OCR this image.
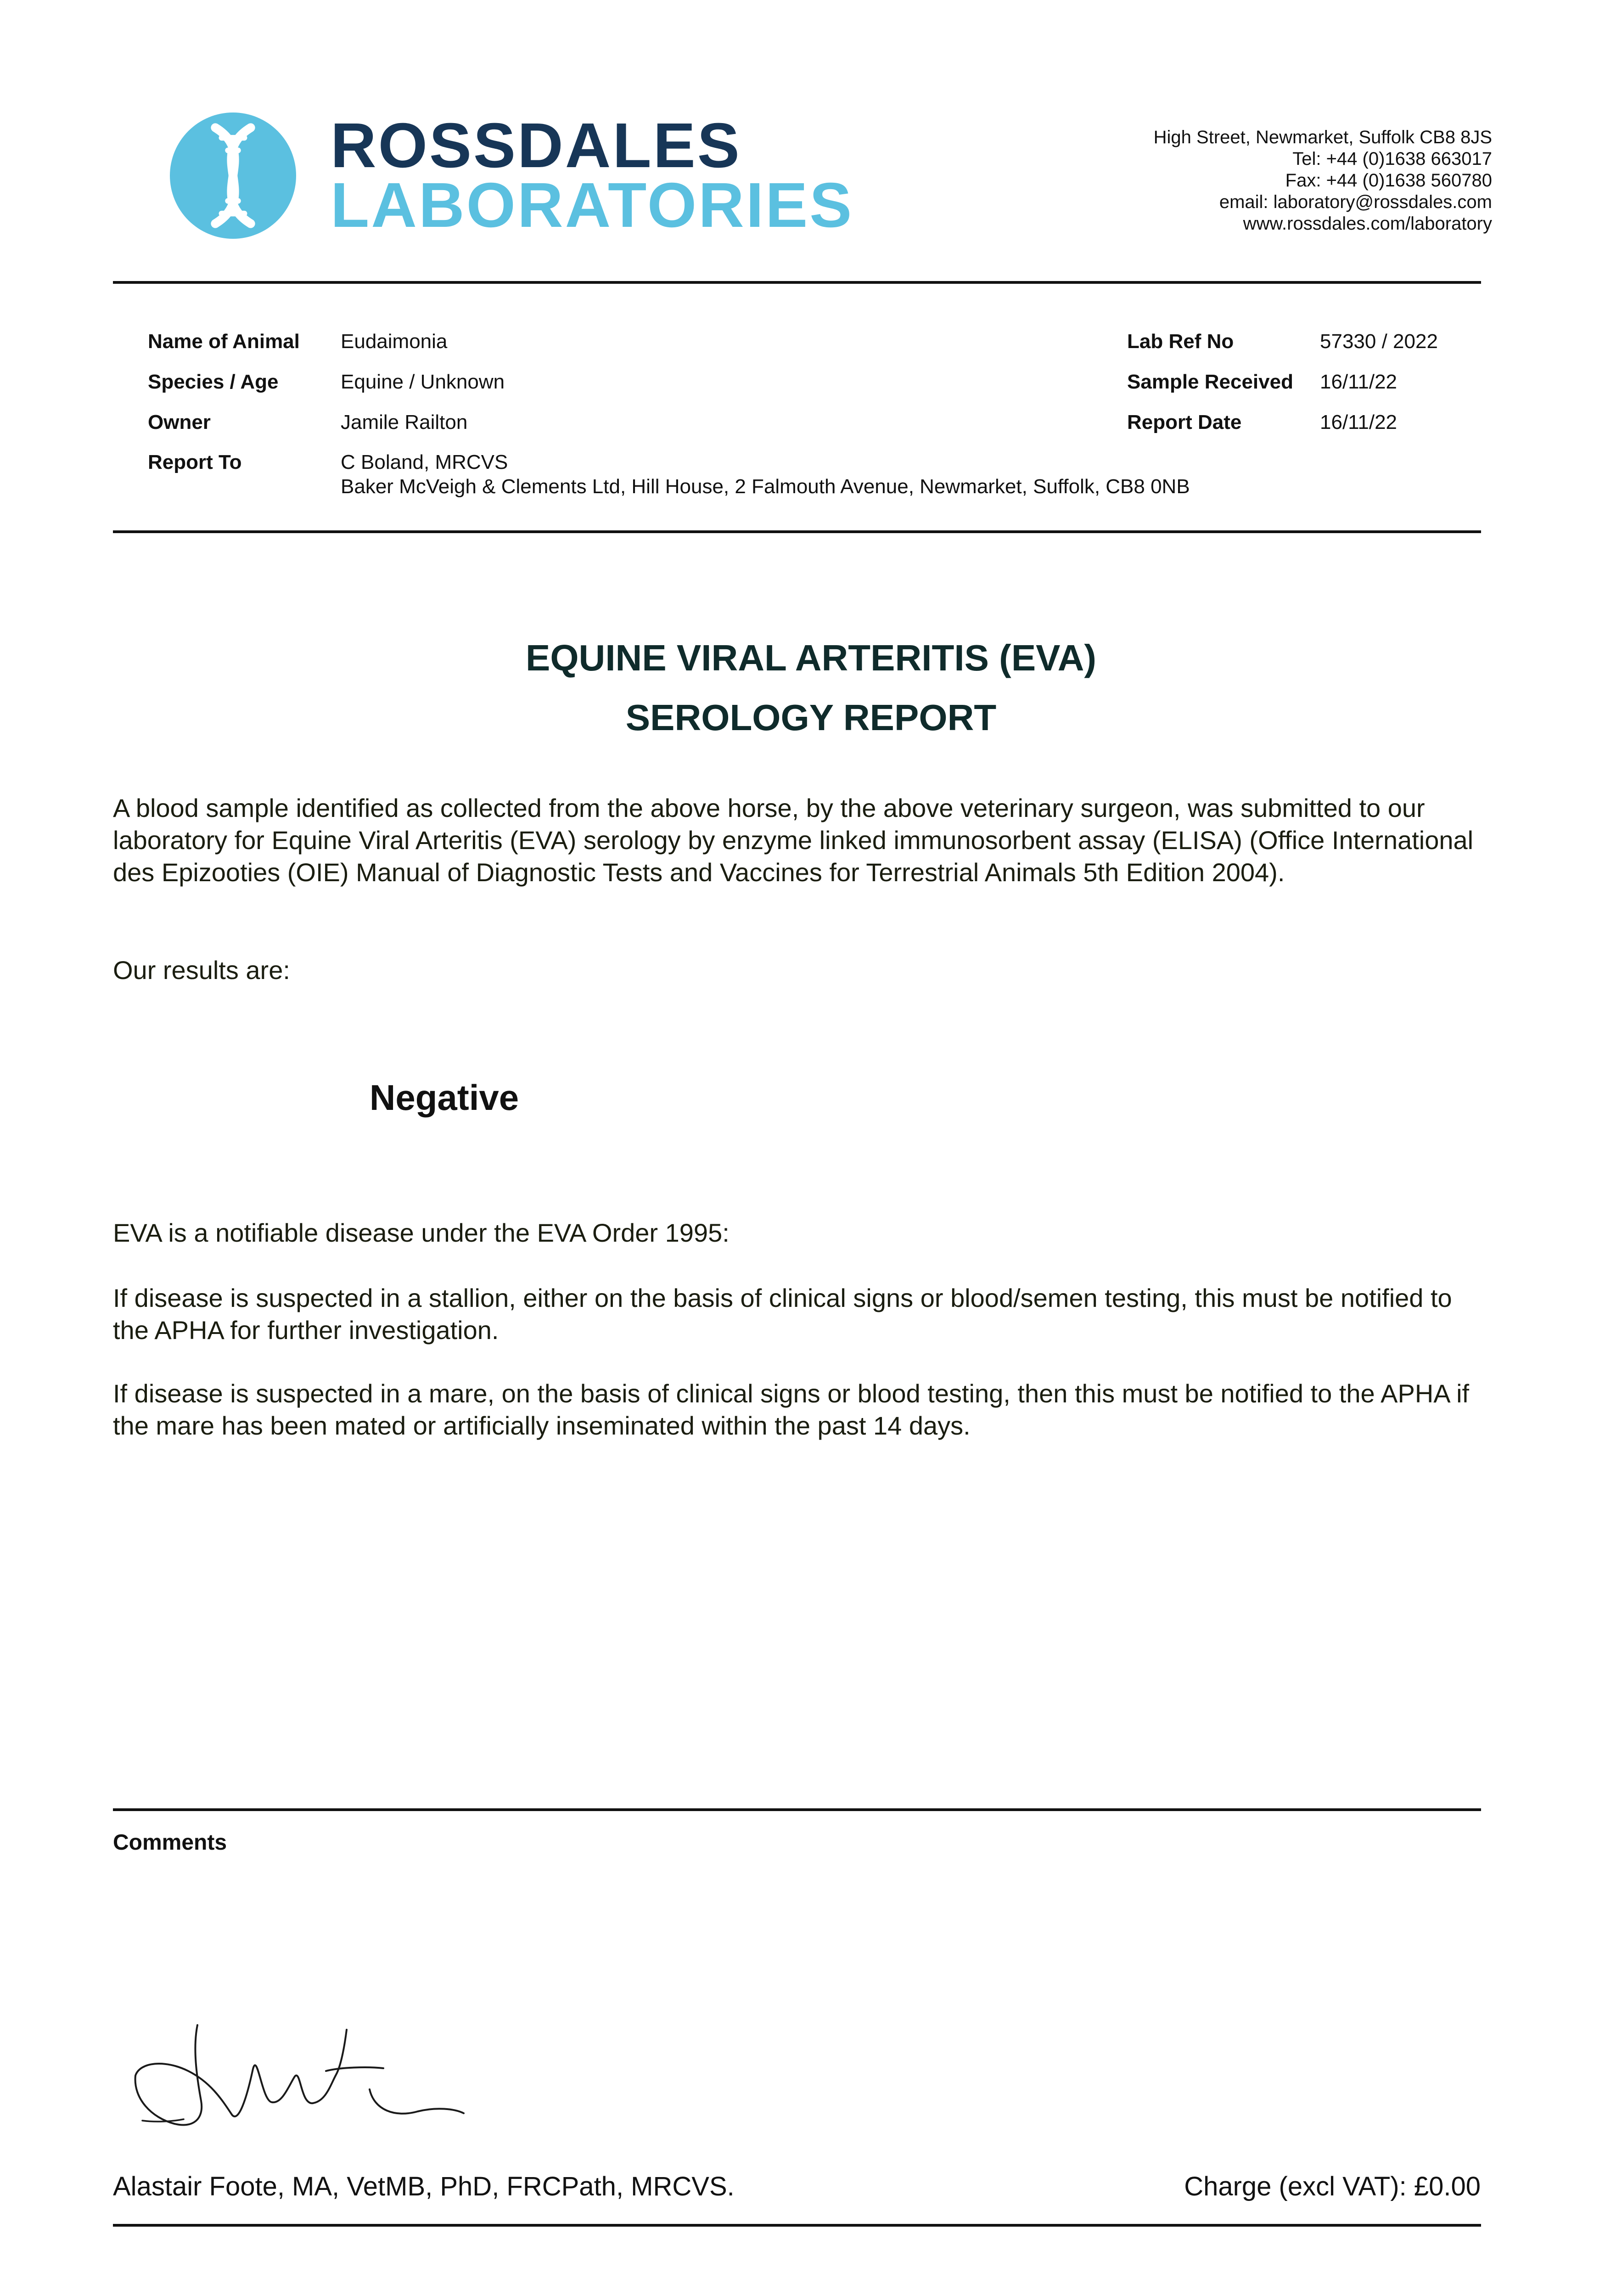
ROSSDALES
LABORATORIES
High Street, Newmarket, Suffolk CB8 8JS
Tel: +44 (0)1638 663017
Fax: +44 (0)1638 560780
email: laboratory@rossdales.com
www.rossdales.com/laboratory
Name of Animal Eudaimonia
Species / Age	Equine / Unknown
Owner	Jamile Railton
Report To	C Boland, MRCVS
Baker McVeigh & Clements Ltd, Hill House, 2 Falmouth Avenue, Newmarket, Suffolk, CB8 0NB
Lab Ref No	57330 / 2022
Sample Received 16/11/22
Report Date	16/11/22
EQUINE VIRAL ARTERITIS (EVA)
SEROLOGY REPORT
A blood sample identified as collected from the above horse, by the above veterinary surgeon, was submitted to our laboratory for Equine Viral Arteritis (EVA) serology by enzyme linked immunosorbent assay (ELISA) (Office International des Epizooties (OIE) Manual of Diagnostic Tests and Vaccines for Terrestrial Animals 5th Edition 2004).
Our results are:
Negative
EVA is a notifiable disease under the EVA Order 1995:
If disease is suspected in a stallion, either on the basis of clinical signs or blood/semen testing, this must be notified to the APHA for further investigation.
If disease is suspected in a mare, on the basis of clinical signs or blood testing, then this must be notified to the APHA if the mare has been mated or artificially inseminated within the past 14 days.
Comments
Alastair Foote, MA, VetMB, PhD, FRCPath, MRCVS.	Charge (excl VAT): £0.00
